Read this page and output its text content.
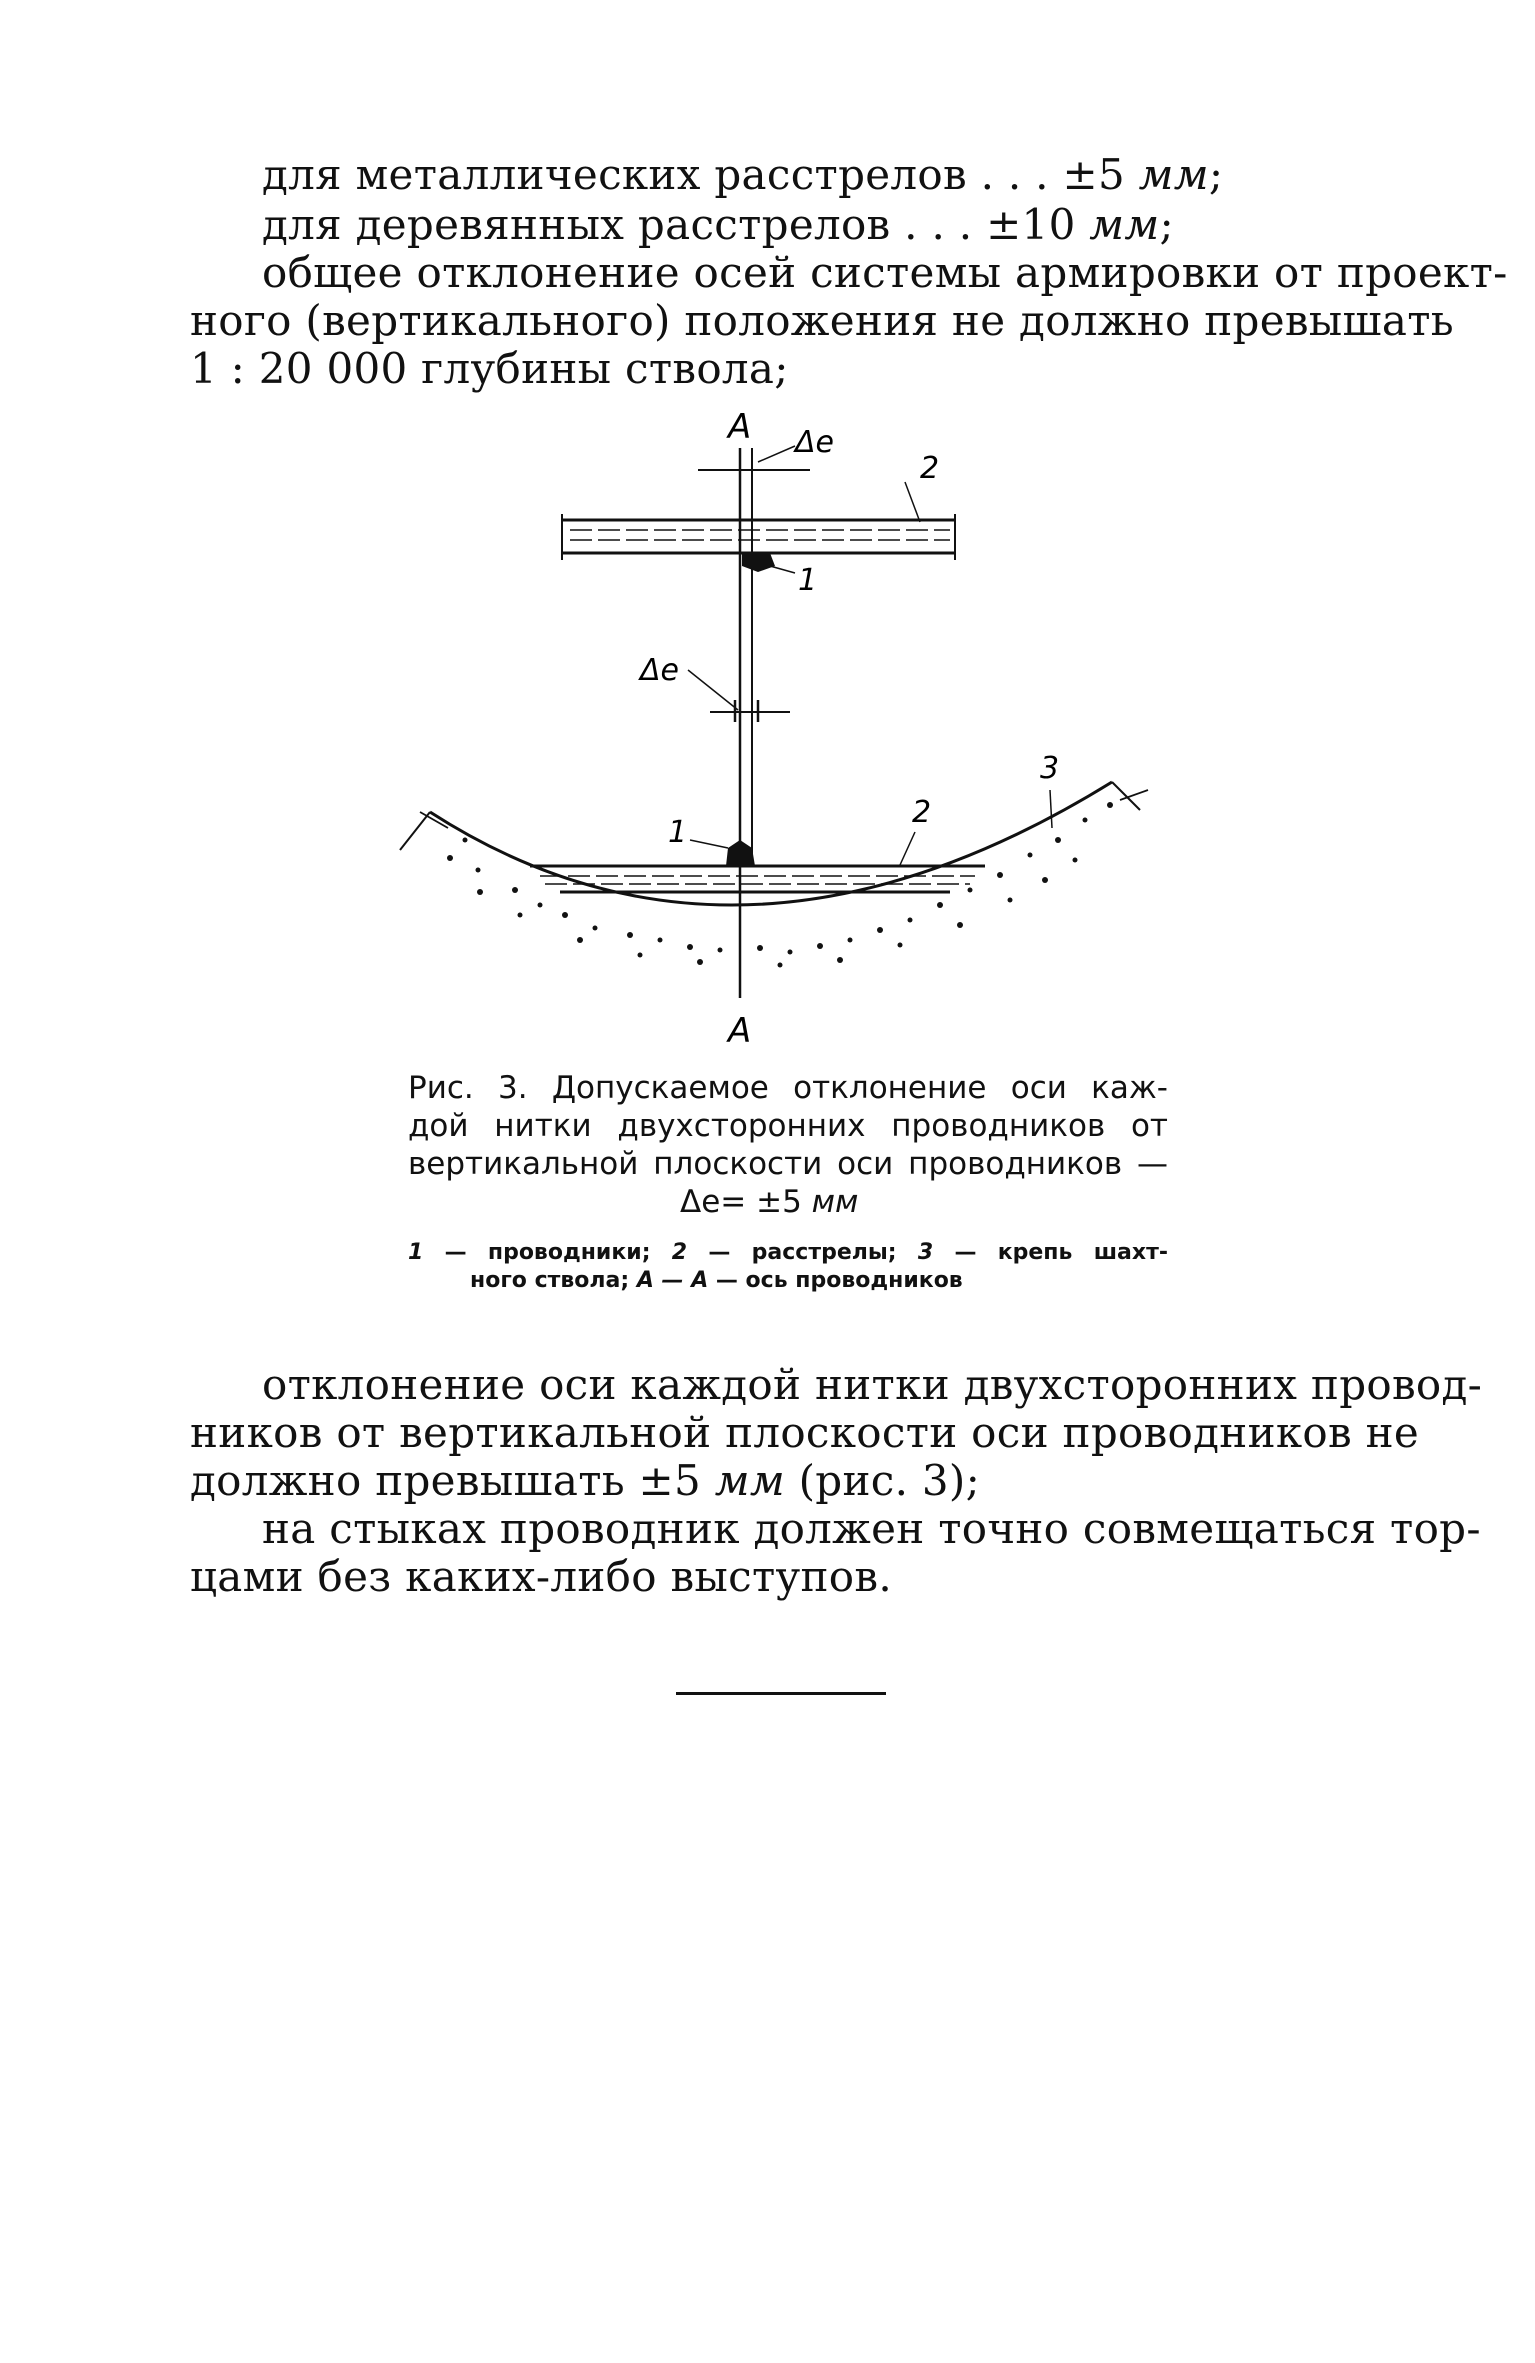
для металлических расстрелов . . . ±5 мм;
для деревянных расстрелов . . . ±10 мм;
общее отклонение осей системы армировки от проект-
ного (вертикального) положения не должно превышать
1 : 20 000 глубины ствола;
А Δe
2
1
Δe
3
1
2
А
Рис. 3. Допускаемое отклонение оси каж-
дой нитки двухсторонних проводников от
вертикальной плоскости оси проводников —
Δe= ±5 мм
1 — проводники; 2 — расстрелы; 3 — крепь шахт-
ного ствола; А — А — ось проводников
отклонение оси каждой нитки двухсторонних провод-
ников от вертикальной плоскости оси проводников не
должно превышать ±5 мм (рис. 3);
на стыках проводник должен точно совмещаться тор-
цами без каких-либо выступов.
